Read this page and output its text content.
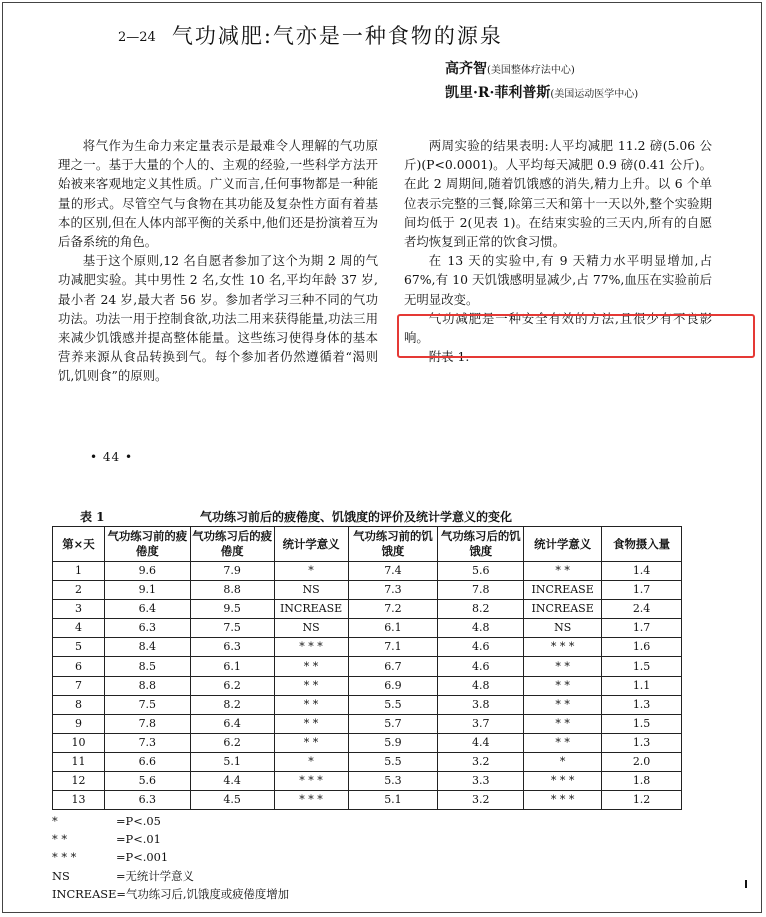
2—24 气功减肥:气亦是一种食物的源泉
高齐智(美国整体疗法中心)
凯里·R·菲利普斯(美国运动医学中心)

将气作为生命力来定量表示是最难令人理解的气功原理之一。基于大量的个人的、主观的经验,一些科学方法开始被来客观地定义其性质。广义而言,任何事物都是一种能量的形式。尽管空气与食物在其功能及复杂性方面有着基本的区别,但在人体内部平衡的关系中,他们还是扮演着互为后备系统的角色。

基于这个原则,12 名自愿者参加了这个为期 2 周的气功减肥实验。其中男性 2 名,女性 10 名,平均年龄 37 岁,最小者 24 岁,最大者 56 岁。参加者学习三种不同的气功功法。功法一用于控制食欲,功法二用来获得能量,功法三用来减少饥饿感并提高整体能量。这些练习使得身体的基本营养来源从食品转换到气。每个参加者仍然遵循着“渴则饥,饥则食”的原则。

两周实验的结果表明:人平均减肥 11.2 磅(5.06 公斤)(P<0.0001)。人平均每天减肥 0.9 磅(0.41 公斤)。在此 2 周期间,随着饥饿感的消失,精力上升。以 6 个单位表示完整的三餐,除第三天和第十一天以外,整个实验期间均低于 2(见表 1)。在结束实验的三天内,所有的自愿者均恢复到正常的饮食习惯。

在 13 天的实验中,有 9 天精力水平明显增加,占 67%,有 10 天饥饿感明显减少,占 77%,血压在实验前后无明显改变。

气功减肥是一种安全有效的方法,且很少有不良影响。

附表 1.

• 44 •
表 1	气功练习前后的疲倦度、饥饿度的评价及统计学意义的变化
第×天	气功练习前的疲倦度	气功练习后的疲倦度	统计学意义	气功练习前的饥饿度	气功练习后的饥饿度	统计学意义	食物摄入量
1	9.6	7.9	*	7.4	5.6	* *	1.4
2	9.1	8.8	NS	7.3	7.8	INCREASE	1.7
3	6.4	9.5	INCREASE	7.2	8.2	INCREASE	2.4
4	6.3	7.5	NS	6.1	4.8	NS	1.7
5	8.4	6.3	* * *	7.1	4.6	* * *	1.6
6	8.5	6.1	* *	6.7	4.6	* *	1.5
7	8.8	6.2	* *	6.9	4.8	* *	1.1
8	7.5	8.2	* *	5.5	3.8	* *	1.3
9	7.8	6.4	* *	5.7	3.7	* *	1.5
10	7.3	6.2	* *	5.9	4.4	* *	1.3
11	6.6	5.1	*	5.5	3.2	*	2.0
12	5.6	4.4	* * *	5.3	3.3	* * *	1.8
13	6.3	4.5	* * *	5.1	3.2	* * *	1.2
*	=P<.05
* *	=P<.01
* * *	=P<.001
NS	=无统计学意义
INCREASE =气功练习后,饥饿度或疲倦度增加
